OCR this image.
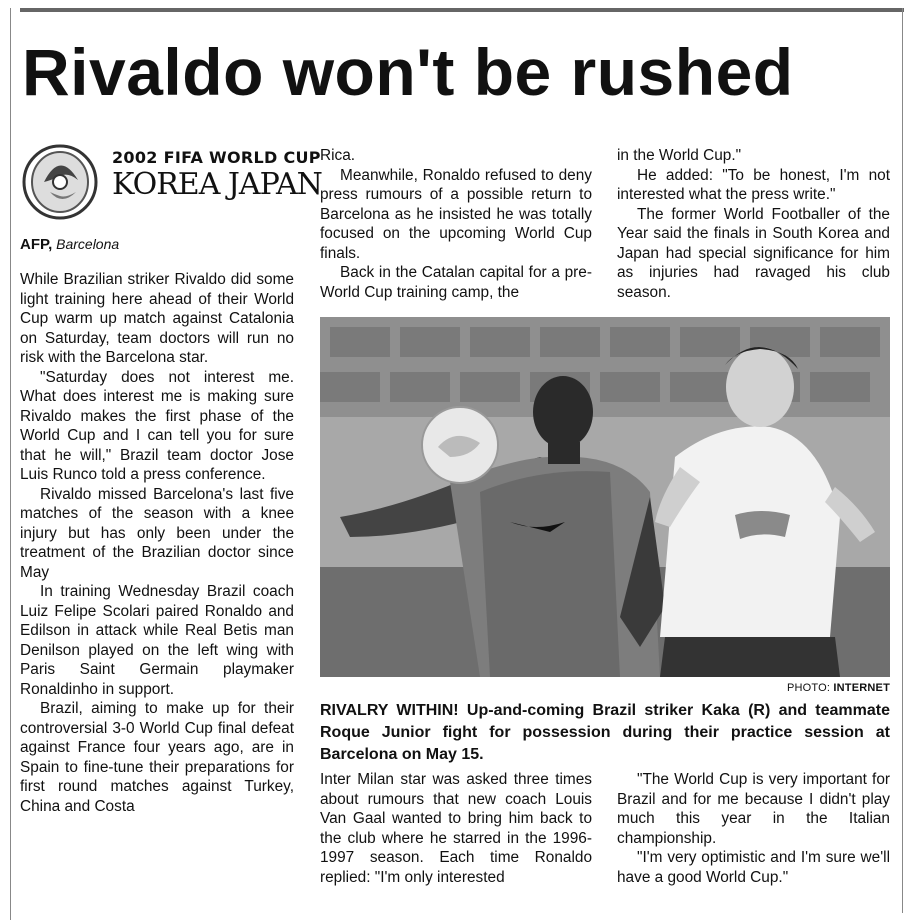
Rivaldo won't be rushed
2002 FIFA WORLD CUP
KOREA JAPAN
AFP, Barcelona

While Brazilian striker Rivaldo did some light training here ahead of their World Cup warm up match against Catalonia on Saturday, team doctors will run no risk with the Barcelona star.

"Saturday does not interest me. What does interest me is making sure Rivaldo makes the first phase of the World Cup and I can tell you for sure that he will," Brazil team doctor Jose Luis Runco told a press conference.

Rivaldo missed Barcelona's last five matches of the season with a knee injury but has only been under the treatment of the Brazilian doctor since May

In training Wednesday Brazil coach Luiz Felipe Scolari paired Ronaldo and Edilson in attack while Real Betis man Denilson played on the left wing with Paris Saint Germain playmaker Ronaldinho in support.

Brazil, aiming to make up for their controversial 3-0 World Cup final defeat against France four years ago, are in Spain to fine-tune their preparations for first round matches against Turkey, China and Costa

Rica.

Meanwhile, Ronaldo refused to deny press rumours of a possible return to Barcelona as he insisted he was totally focused on the upcoming World Cup finals.

Back in the Catalan capital for a pre-World Cup training camp, the

in the World Cup."

He added: "To be honest, I'm not interested what the press write."

The former World Footballer of the Year said the finals in South Korea and Japan had special significance for him as injuries had ravaged his club season.

PHOTO: INTERNET
RIVALRY WITHIN! Up-and-coming Brazil striker Kaka (R) and teammate Roque Junior fight for possession during their practice session at Barcelona on May 15.

Inter Milan star was asked three times about rumours that new coach Louis Van Gaal wanted to bring him back to the club where he starred in the 1996-1997 season. Each time Ronaldo replied: "I'm only interested

"The World Cup is very important for Brazil and for me because I didn't play much this year in the Italian championship.

"I'm very optimistic and I'm sure we'll have a good World Cup."
